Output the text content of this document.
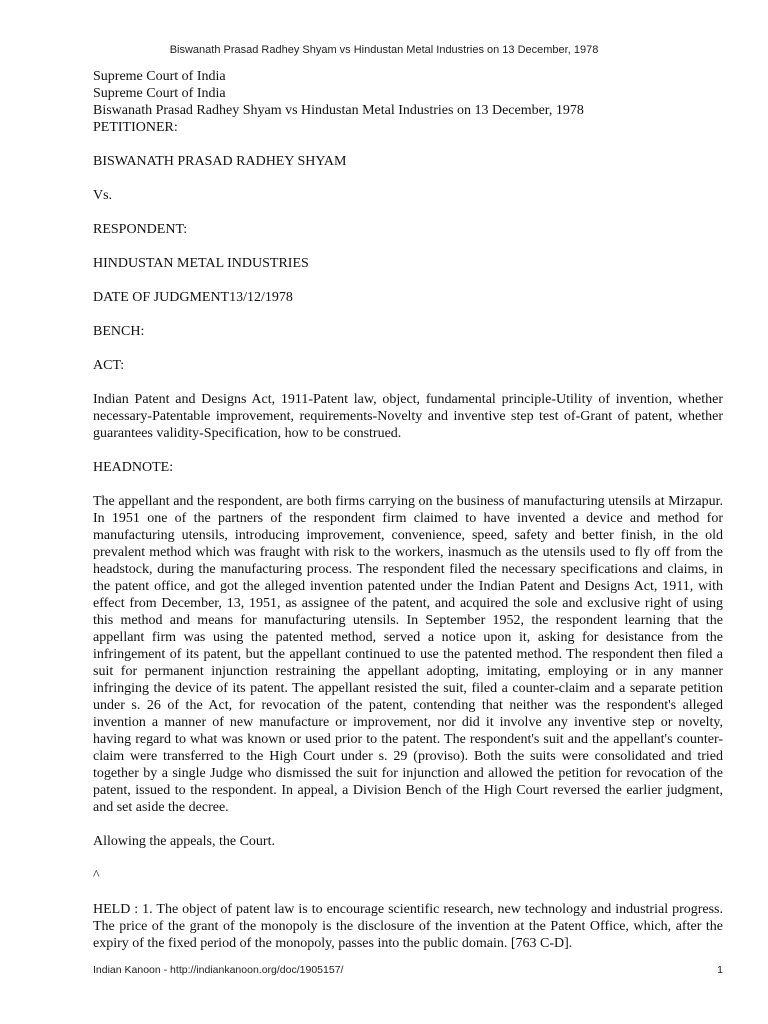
Biswanath Prasad Radhey Shyam vs Hindustan Metal Industries on 13 December, 1978

Supreme Court of India

Supreme Court of India

Biswanath Prasad Radhey Shyam vs Hindustan Metal Industries on 13 December, 1978

PETITIONER:

BISWANATH PRASAD RADHEY SHYAM

Vs.

RESPONDENT:

HINDUSTAN METAL INDUSTRIES

DATE OF JUDGMENT13/12/1978

BENCH:

ACT:

Indian Patent and Designs Act, 1911-Patent law, object, fundamental principle-Utility of invention, whether necessary-Patentable improvement, requirements-Novelty and inventive step test of-Grant of patent, whether guarantees validity-Specification, how to be construed.

HEADNOTE:

The appellant and the respondent, are both firms carrying on the business of manufacturing utensils at Mirzapur. In 1951 one of the partners of the respondent firm claimed to have invented a device and method for manufacturing utensils, introducing improvement, convenience, speed, safety and better finish, in the old prevalent method which was fraught with risk to the workers, inasmuch as the utensils used to fly off from the headstock, during the manufacturing process. The respondent filed the necessary specifications and claims, in the patent office, and got the alleged invention patented under the Indian Patent and Designs Act, 1911, with effect from December, 13, 1951, as assignee of the patent, and acquired the sole and exclusive right of using this method and means for manufacturing utensils. In September 1952, the respondent learning that the appellant firm was using the patented method, served a notice upon it, asking for desistance from the infringement of its patent, but the appellant continued to use the patented method. The respondent then filed a suit for permanent injunction restraining the appellant adopting, imitating, employing or in any manner infringing the device of its patent. The appellant resisted the suit, filed a counter-claim and a separate petition under s. 26 of the Act, for revocation of the patent, contending that neither was the respondent's alleged invention a manner of new manufacture or improvement, nor did it involve any inventive step or novelty, having regard to what was known or used prior to the patent. The respondent's suit and the appellant's counter-claim were transferred to the High Court under s. 29 (proviso). Both the suits were consolidated and tried together by a single Judge who dismissed the suit for injunction and allowed the petition for revocation of the patent, issued to the respondent. In appeal, a Division Bench of the High Court reversed the earlier judgment, and set aside the decree.

Allowing the appeals, the Court.

^

HELD : 1. The object of patent law is to encourage scientific research, new technology and industrial progress. The price of the grant of the monopoly is the disclosure of the invention at the Patent Office, which, after the expiry of the fixed period of the monopoly, passes into the public domain. [763 C-D].

Indian Kanoon - http://indiankanoon.org/doc/1905157/	1
